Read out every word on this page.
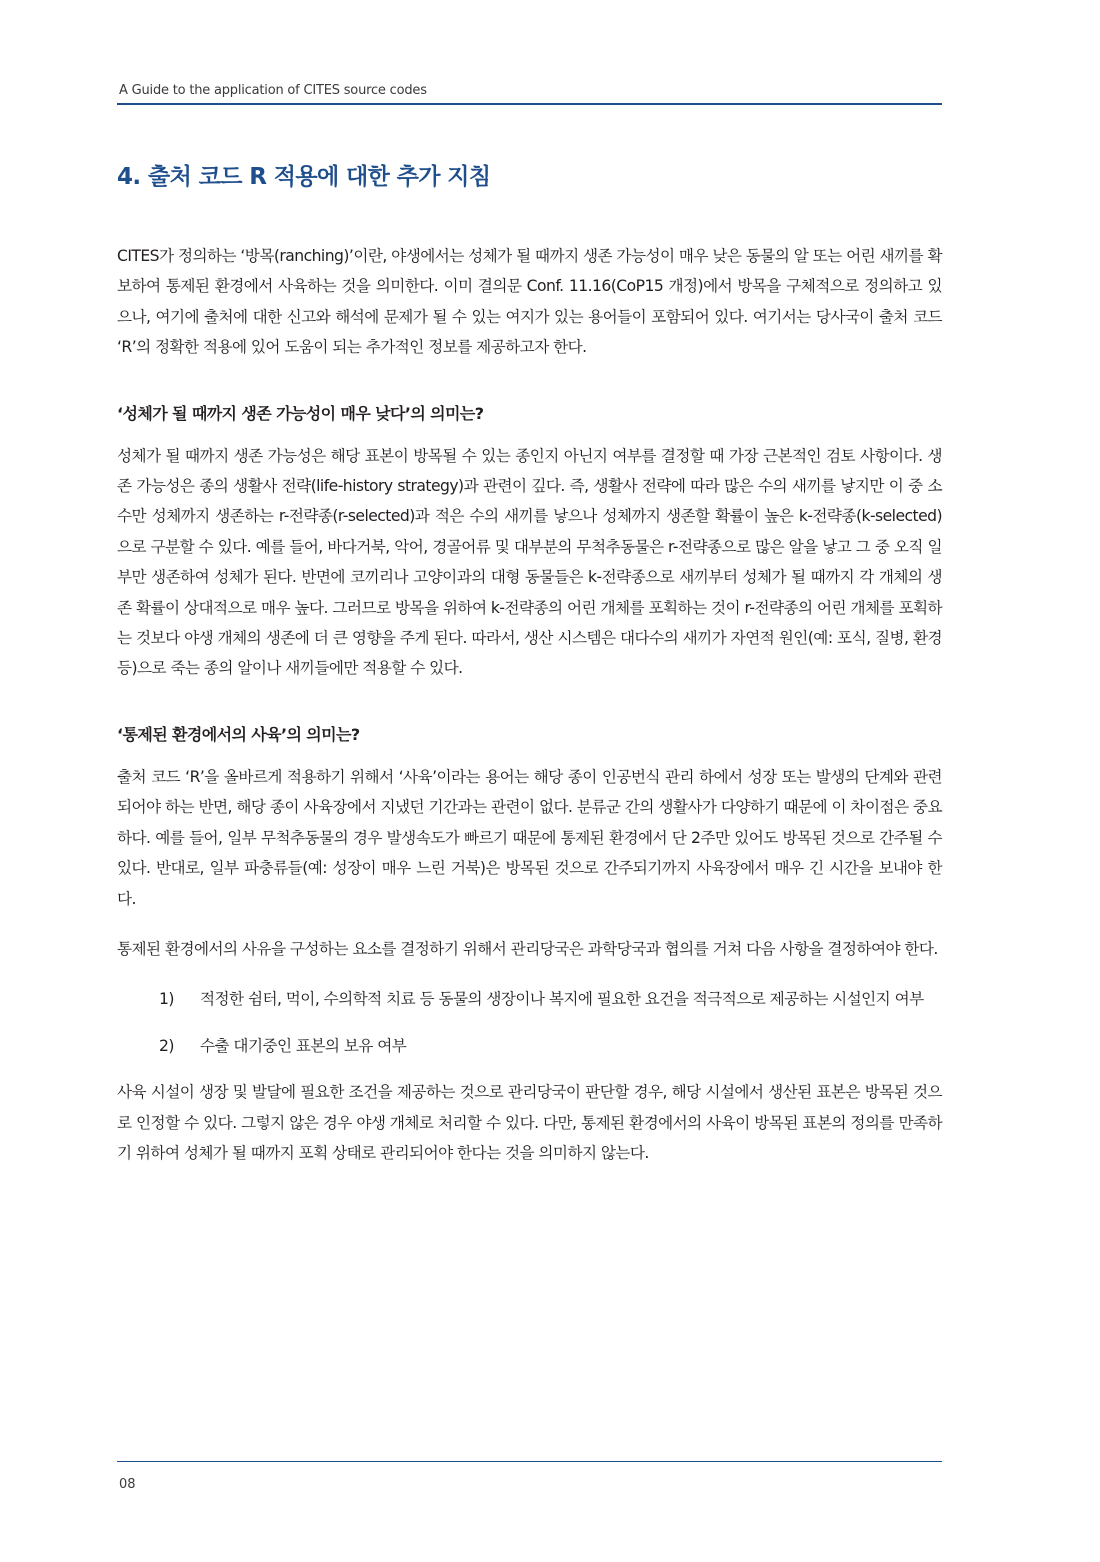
A Guide to the application of CITES source codes
4. 출처 코드 R 적용에 대한 추가 지침

CITES가 정의하는 ‘방목(ranching)’이란, 야생에서는 성체가 될 때까지 생존 가능성이 매우 낮은 동물의 알 또는 어린 새끼를 확보하여 통제된 환경에서 사육하는 것을 의미한다. 이미 결의문 Conf. 11.16(CoP15 개정)에서 방목을 구체적으로 정의하고 있으나, 여기에 출처에 대한 신고와 해석에 문제가 될 수 있는 여지가 있는 용어들이 포함되어 있다. 여기서는 당사국이 출처 코드 ‘R’의 정확한 적용에 있어 도움이 되는 추가적인 정보를 제공하고자 한다.

‘성체가 될 때까지 생존 가능성이 매우 낮다’의 의미는?

성체가 될 때까지 생존 가능성은 해당 표본이 방목될 수 있는 종인지 아닌지 여부를 결정할 때 가장 근본적인 검토 사항이다. 생존 가능성은 종의 생활사 전략(life-history strategy)과 관련이 깊다. 즉, 생활사 전략에 따라 많은 수의 새끼를 낳지만 이 중 소수만 성체까지 생존하는 r-전략종(r-selected)과 적은 수의 새끼를 낳으나 성체까지 생존할 확률이 높은 k-전략종(k-selected)으로 구분할 수 있다. 예를 들어, 바다거북, 악어, 경골어류 및 대부분의 무척추동물은 r-전략종으로 많은 알을 낳고 그 중 오직 일부만 생존하여 성체가 된다. 반면에 코끼리나 고양이과의 대형 동물들은 k-전략종으로 새끼부터 성체가 될 때까지 각 개체의 생존 확률이 상대적으로 매우 높다. 그러므로 방목을 위하여 k-전략종의 어린 개체를 포획하는 것이 r-전략종의 어린 개체를 포획하는 것보다 야생 개체의 생존에 더 큰 영향을 주게 된다. 따라서, 생산 시스템은 대다수의 새끼가 자연적 원인(예: 포식, 질병, 환경 등)으로 죽는 종의 알이나 새끼들에만 적용할 수 있다.

‘통제된 환경에서의 사육’의 의미는?

출처 코드 ‘R’을 올바르게 적용하기 위해서 ‘사육’이라는 용어는 해당 종이 인공번식 관리 하에서 성장 또는 발생의 단계와 관련되어야 하는 반면, 해당 종이 사육장에서 지냈던 기간과는 관련이 없다. 분류군 간의 생활사가 다양하기 때문에 이 차이점은 중요하다. 예를 들어, 일부 무척추동물의 경우 발생속도가 빠르기 때문에 통제된 환경에서 단 2주만 있어도 방목된 것으로 간주될 수 있다. 반대로, 일부 파충류들(예: 성장이 매우 느린 거북)은 방목된 것으로 간주되기까지 사육장에서 매우 긴 시간을 보내야 한다.

통제된 환경에서의 사유을 구성하는 요소를 결정하기 위해서 관리당국은 과학당국과 협의를 거쳐 다음 사항을 결정하여야 한다.

1) 적정한 쉼터, 먹이, 수의학적 치료 등 동물의 생장이나 복지에 필요한 요건을 적극적으로 제공하는 시설인지 여부
2) 수출 대기중인 표본의 보유 여부

사육 시설이 생장 및 발달에 필요한 조건을 제공하는 것으로 관리당국이 판단할 경우, 해당 시설에서 생산된 표본은 방목된 것으로 인정할 수 있다. 그렇지 않은 경우 야생 개체로 처리할 수 있다. 다만, 통제된 환경에서의 사육이 방목된 표본의 정의를 만족하기 위하여 성체가 될 때까지 포획 상태로 관리되어야 한다는 것을 의미하지 않는다.

08
